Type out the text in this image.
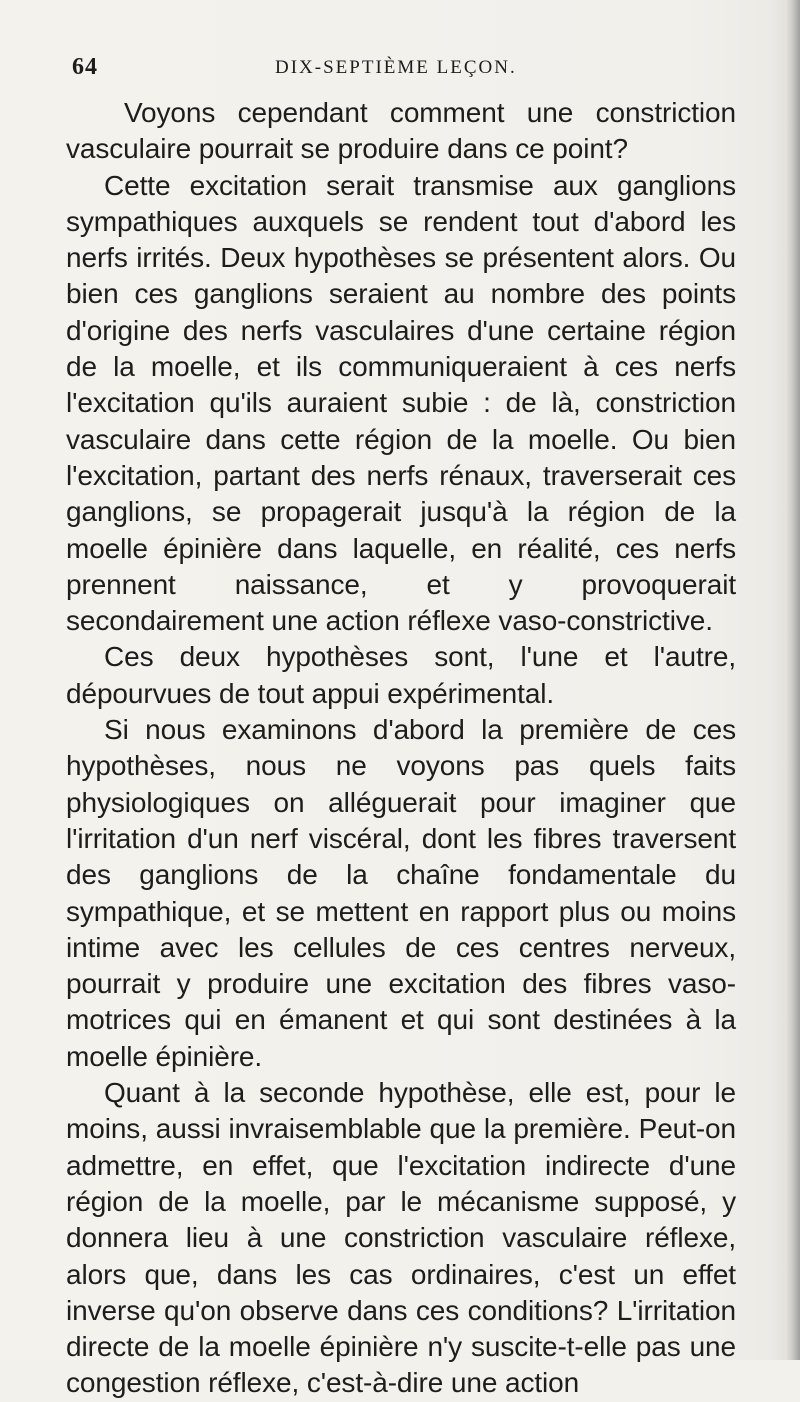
64	DIX-SEPTIÈME LEÇON.

Voyons cependant comment une constriction vasculaire pourrait se produire dans ce point?

Cette excitation serait transmise aux ganglions sympathiques auxquels se rendent tout d'abord les nerfs irrités. Deux hypothèses se présentent alors. Ou bien ces ganglions seraient au nombre des points d'origine des nerfs vasculaires d'une certaine région de la moelle, et ils communiqueraient à ces nerfs l'excitation qu'ils auraient subie : de là, constriction vasculaire dans cette région de la moelle. Ou bien l'excitation, partant des nerfs rénaux, traverserait ces ganglions, se propagerait jusqu'à la région de la moelle épinière dans laquelle, en réalité, ces nerfs prennent naissance, et y provoquerait secondairement une action réflexe vaso-constrictive.

Ces deux hypothèses sont, l'une et l'autre, dépourvues de tout appui expérimental.

Si nous examinons d'abord la première de ces hypothèses, nous ne voyons pas quels faits physiologiques on alléguerait pour imaginer que l'irritation d'un nerf viscéral, dont les fibres traversent des ganglions de la chaîne fondamentale du sympathique, et se mettent en rapport plus ou moins intime avec les cellules de ces centres nerveux, pourrait y produire une excitation des fibres vaso-motrices qui en émanent et qui sont destinées à la moelle épinière.

Quant à la seconde hypothèse, elle est, pour le moins, aussi invraisemblable que la première. Peut-on admettre, en effet, que l'excitation indirecte d'une région de la moelle, par le mécanisme supposé, y donnera lieu à une constriction vasculaire réflexe, alors que, dans les cas ordinaires, c'est un effet inverse qu'on observe dans ces conditions? L'irritation directe de la moelle épinière n'y suscite-t-elle pas une congestion réflexe, c'est-à-dire une action
